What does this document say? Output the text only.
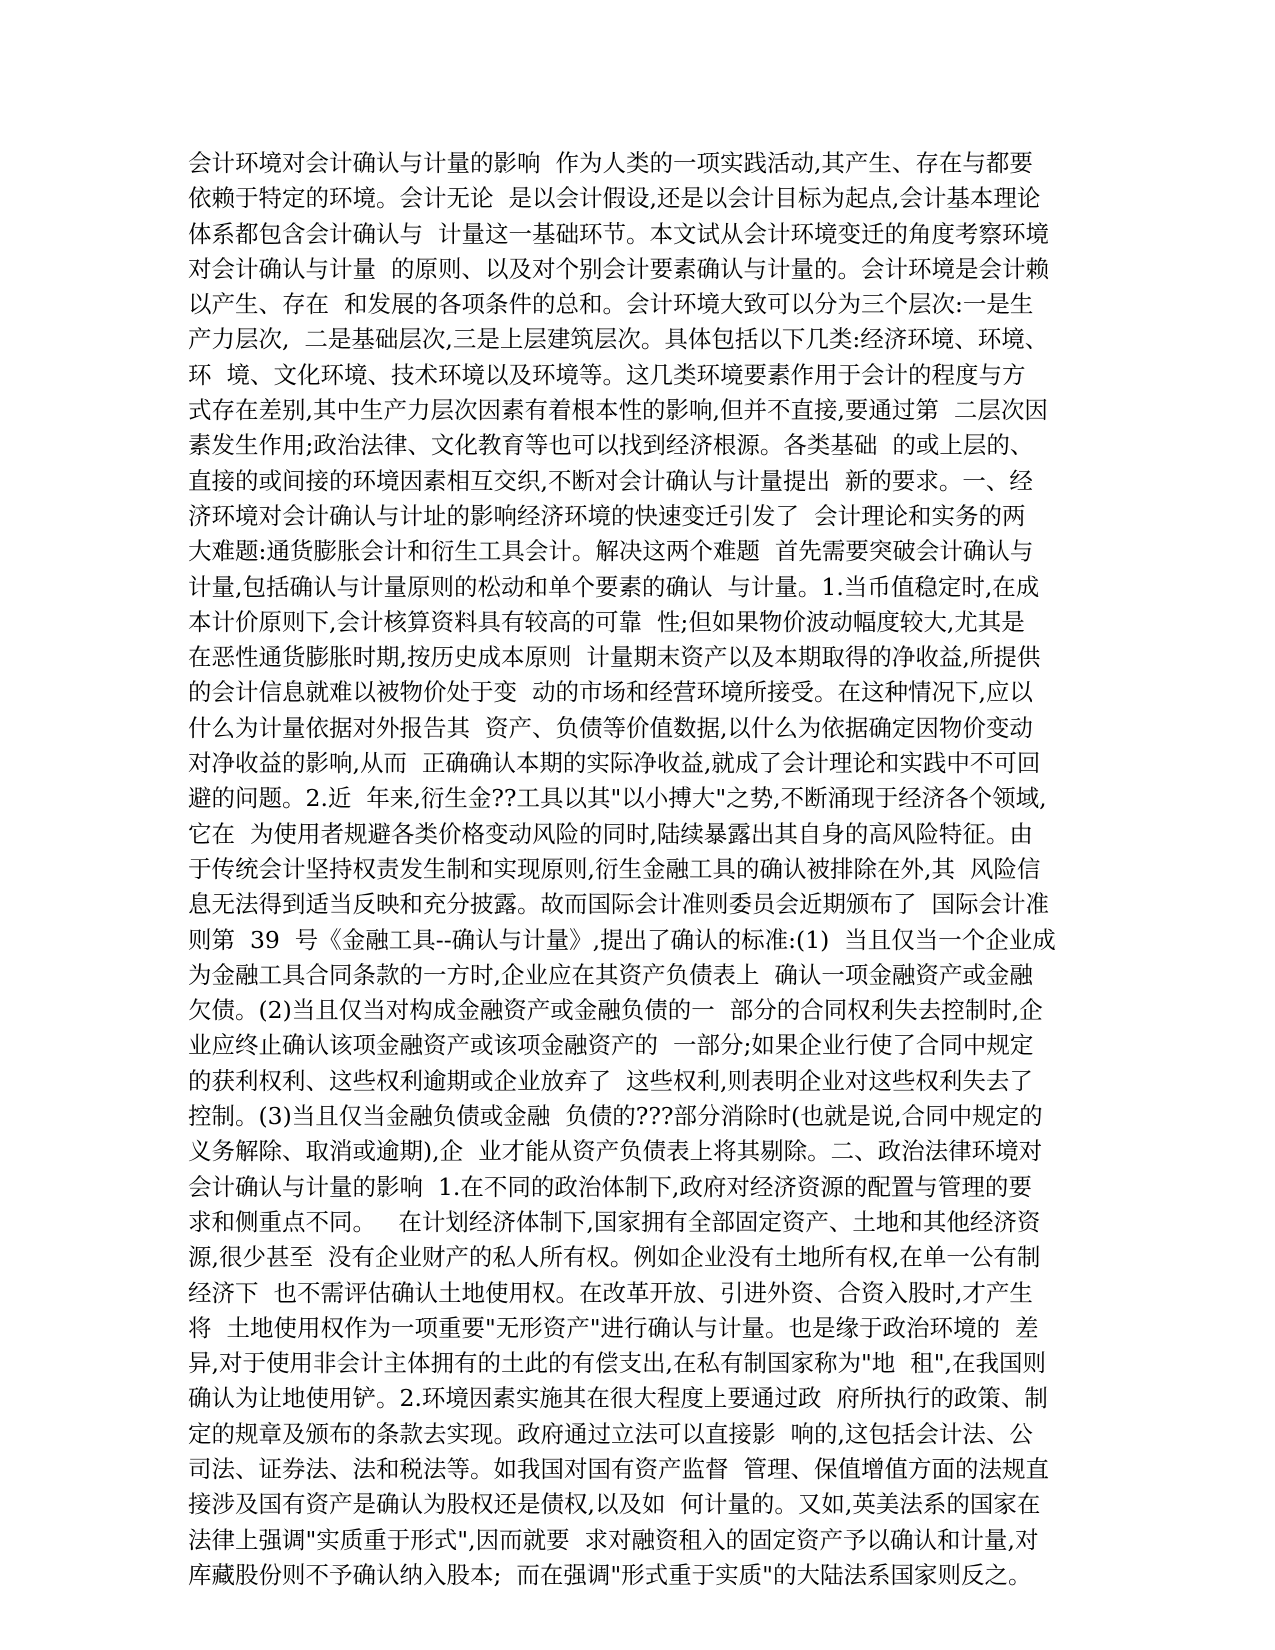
会计环境对会计确认与计量的影响  作为人类的一项实践活动,其产生、存在与都要
依赖于特定的环境。会计无论  是以会计假设,还是以会计目标为起点,会计基本理论
体系都包含会计确认与  计量这一基础环节。本文试从会计环境变迁的角度考察环境
对会计确认与计量  的原则、以及对个别会计要素确认与计量的。会计环境是会计赖
以产生、存在  和发展的各项条件的总和。会计环境大致可以分为三个层次:一是生
产力层次,  二是基础层次,三是上层建筑层次。具体包括以下几类:经济环境、环境、
环  境、文化环境、技术环境以及环境等。这几类环境要素作用于会计的程度与方
式存在差别,其中生产力层次因素有着根本性的影响,但并不直接,要通过第  二层次因
素发生作用;政治法律、文化教育等也可以找到经济根源。各类基础  的或上层的、
直接的或间接的环境因素相互交织,不断对会计确认与计量提出  新的要求。一、经
济环境对会计确认与计址的影响经济环境的快速变迁引发了  会计理论和实务的两
大难题:通货膨胀会计和衍生工具会计。解决这两个难题  首先需要突破会计确认与
计量,包括确认与计量原则的松动和单个要素的确认  与计量。1.当币值稳定时,在成
本计价原则下,会计核算资料具有较高的可靠  性;但如果物价波动幅度较大,尤其是
在恶性通货膨胀时期,按历史成本原则  计量期末资产以及本期取得的净收益,所提供
的会计信息就难以被物价处于变  动的市场和经营环境所接受。在这种情况下,应以
什么为计量依据对外报告其  资产、负债等价值数据,以什么为依据确定因物价变动
对净收益的影响,从而  正确确认本期的实际净收益,就成了会计理论和实践中不可回
避的问题。2.近  年来,衍生金??工具以其"以小搏大"之势,不断涌现于经济各个领域,
它在  为使用者规避各类价格变动风险的同时,陆续暴露出其自身的高风险特征。由
于传统会计坚持权责发生制和实现原则,衍生金融工具的确认被排除在外,其  风险信
息无法得到适当反映和充分披露。故而国际会计准则委员会近期颁布了  国际会计准
则第  39  号《金融工具--确认与计量》,提出了确认的标准:(1)  当且仅当一个企业成
为金融工具合同条款的一方时,企业应在其资产负债表上  确认一项金融资产或金融
欠债。(2)当且仅当对构成金融资产或金融负债的一  部分的合同权利失去控制时,企
业应终止确认该项金融资产或该项金融资产的  一部分;如果企业行使了合同中规定
的获利权利、这些权利逾期或企业放弃了  这些权利,则表明企业对这些权利失去了
控制。(3)当且仅当金融负债或金融  负债的???部分消除时(也就是说,合同中规定的
义务解除、取消或逾期),企  业才能从资产负债表上将其剔除。二、政治法律环境对
会计确认与计量的影响  1.在不同的政治体制下,政府对经济资源的配置与管理的要
求和侧重点不同。   在计划经济体制下,国家拥有全部固定资产、土地和其他经济资
源,很少甚至  没有企业财产的私人所有权。例如企业没有土地所有权,在单一公有制
经济下  也不需评估确认土地使用权。在改革开放、引进外资、合资入股时,才产生
将  土地使用权作为一项重要"无形资产"进行确认与计量。也是缘于政治环境的  差
异,对于使用非会计主体拥有的土此的有偿支出,在私有制国家称为"地  租",在我国则
确认为让地使用铲。2.环境因素实施其在很大程度上要通过政  府所执行的政策、制
定的规章及颁布的条款去实现。政府通过立法可以直接影  响的,这包括会计法、公
司法、证券法、法和税法等。如我国对国有资产监督  管理、保值增值方面的法规直
接涉及国有资产是确认为股权还是债权,以及如  何计量的。又如,英美法系的国家在
法律上强调"实质重于形式",因而就要  求对融资租入的固定资产予以确认和计量,对
库藏股份则不予确认纳入股本;  而在强调"形式重于实质"的大陆法系国家则反之。
